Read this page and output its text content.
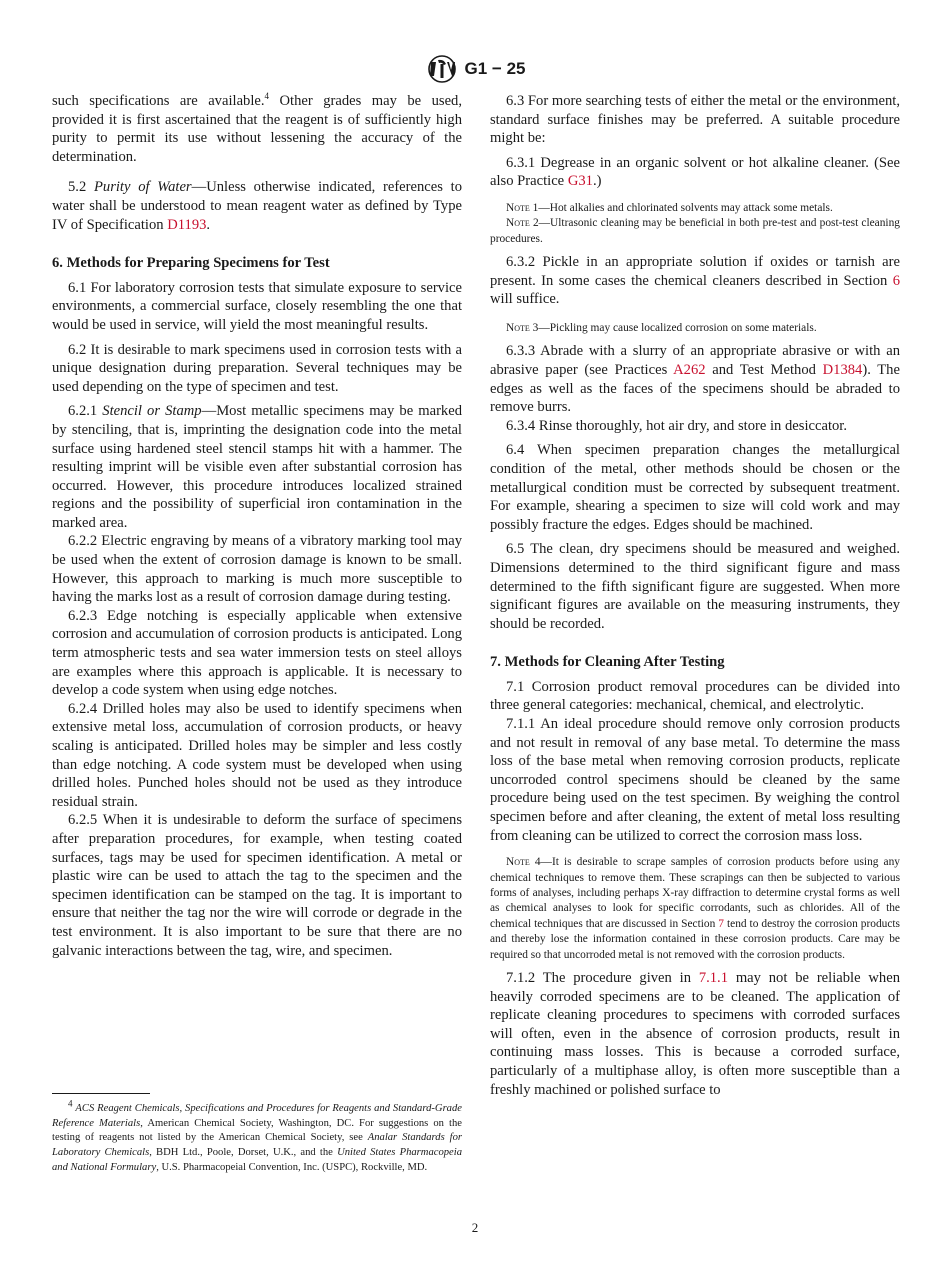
G1 − 25

such specifications are available.$^4$ Other grades may be used, provided it is first ascertained that the reagent is of sufficiently high purity to permit its use without lessening the accuracy of the determination.

5.2 Purity of Water—Unless otherwise indicated, references to water shall be understood to mean reagent water as defined by Type IV of Specification D1193.

6. Methods for Preparing Specimens for Test

6.1 For laboratory corrosion tests that simulate exposure to service environments, a commercial surface, closely resembling the one that would be used in service, will yield the most meaningful results.

6.2 It is desirable to mark specimens used in corrosion tests with a unique designation during preparation. Several techniques may be used depending on the type of specimen and test.

6.2.1 Stencil or Stamp—Most metallic specimens may be marked by stenciling, that is, imprinting the designation code into the metal surface using hardened steel stencil stamps hit with a hammer. The resulting imprint will be visible even after substantial corrosion has occurred. However, this procedure introduces localized strained regions and the possibility of superficial iron contamination in the marked area.

6.2.2 Electric engraving by means of a vibratory marking tool may be used when the extent of corrosion damage is known to be small. However, this approach to marking is much more susceptible to having the marks lost as a result of corrosion damage during testing.

6.2.3 Edge notching is especially applicable when extensive corrosion and accumulation of corrosion products is anticipated. Long term atmospheric tests and sea water immersion tests on steel alloys are examples where this approach is applicable. It is necessary to develop a code system when using edge notches.

6.2.4 Drilled holes may also be used to identify specimens when extensive metal loss, accumulation of corrosion products, or heavy scaling is anticipated. Drilled holes may be simpler and less costly than edge notching. A code system must be developed when using drilled holes. Punched holes should not be used as they introduce residual strain.

6.2.5 When it is undesirable to deform the surface of specimens after preparation procedures, for example, when testing coated surfaces, tags may be used for specimen identification. A metal or plastic wire can be used to attach the tag to the specimen and the specimen identification can be stamped on the tag. It is important to ensure that neither the tag nor the wire will corrode or degrade in the test environment. It is also important to be sure that there are no galvanic interactions between the tag, wire, and specimen.

$^4$ ACS Reagent Chemicals, Specifications and Procedures for Reagents and Standard-Grade Reference Materials, American Chemical Society, Washington, DC. For suggestions on the testing of reagents not listed by the American Chemical Society, see Analar Standards for Laboratory Chemicals, BDH Ltd., Poole, Dorset, U.K., and the United States Pharmacopeia and National Formulary, U.S. Pharmacopeial Convention, Inc. (USPC), Rockville, MD.

6.3 For more searching tests of either the metal or the environment, standard surface finishes may be preferred. A suitable procedure might be:

6.3.1 Degrease in an organic solvent or hot alkaline cleaner. (See also Practice G31.)

Note 1—Hot alkalies and chlorinated solvents may attack some metals.

Note 2—Ultrasonic cleaning may be beneficial in both pre-test and post-test cleaning procedures.

6.3.2 Pickle in an appropriate solution if oxides or tarnish are present. In some cases the chemical cleaners described in Section 6 will suffice.

Note 3—Pickling may cause localized corrosion on some materials.

6.3.3 Abrade with a slurry of an appropriate abrasive or with an abrasive paper (see Practices A262 and Test Method D1384). The edges as well as the faces of the specimens should be abraded to remove burrs.

6.3.4 Rinse thoroughly, hot air dry, and store in desiccator.

6.4 When specimen preparation changes the metallurgical condition of the metal, other methods should be chosen or the metallurgical condition must be corrected by subsequent treatment. For example, shearing a specimen to size will cold work and may possibly fracture the edges. Edges should be machined.

6.5 The clean, dry specimens should be measured and weighed. Dimensions determined to the third significant figure and mass determined to the fifth significant figure are suggested. When more significant figures are available on the measuring instruments, they should be recorded.

7. Methods for Cleaning After Testing

7.1 Corrosion product removal procedures can be divided into three general categories: mechanical, chemical, and electrolytic.

7.1.1 An ideal procedure should remove only corrosion products and not result in removal of any base metal. To determine the mass loss of the base metal when removing corrosion products, replicate uncorroded control specimens should be cleaned by the same procedure being used on the test specimen. By weighing the control specimen before and after cleaning, the extent of metal loss resulting from cleaning can be utilized to correct the corrosion mass loss.

Note 4—It is desirable to scrape samples of corrosion products before using any chemical techniques to remove them. These scrapings can then be subjected to various forms of analyses, including perhaps X-ray diffraction to determine crystal forms as well as chemical analyses to look for specific corrodants, such as chlorides. All of the chemical techniques that are discussed in Section 7 tend to destroy the corrosion products and thereby lose the information contained in these corrosion products. Care may be required so that uncorroded metal is not removed with the corrosion products.

7.1.2 The procedure given in 7.1.1 may not be reliable when heavily corroded specimens are to be cleaned. The application of replicate cleaning procedures to specimens with corroded surfaces will often, even in the absence of corrosion products, result in continuing mass losses. This is because a corroded surface, particularly of a multiphase alloy, is often more susceptible than a freshly machined or polished surface to

2
